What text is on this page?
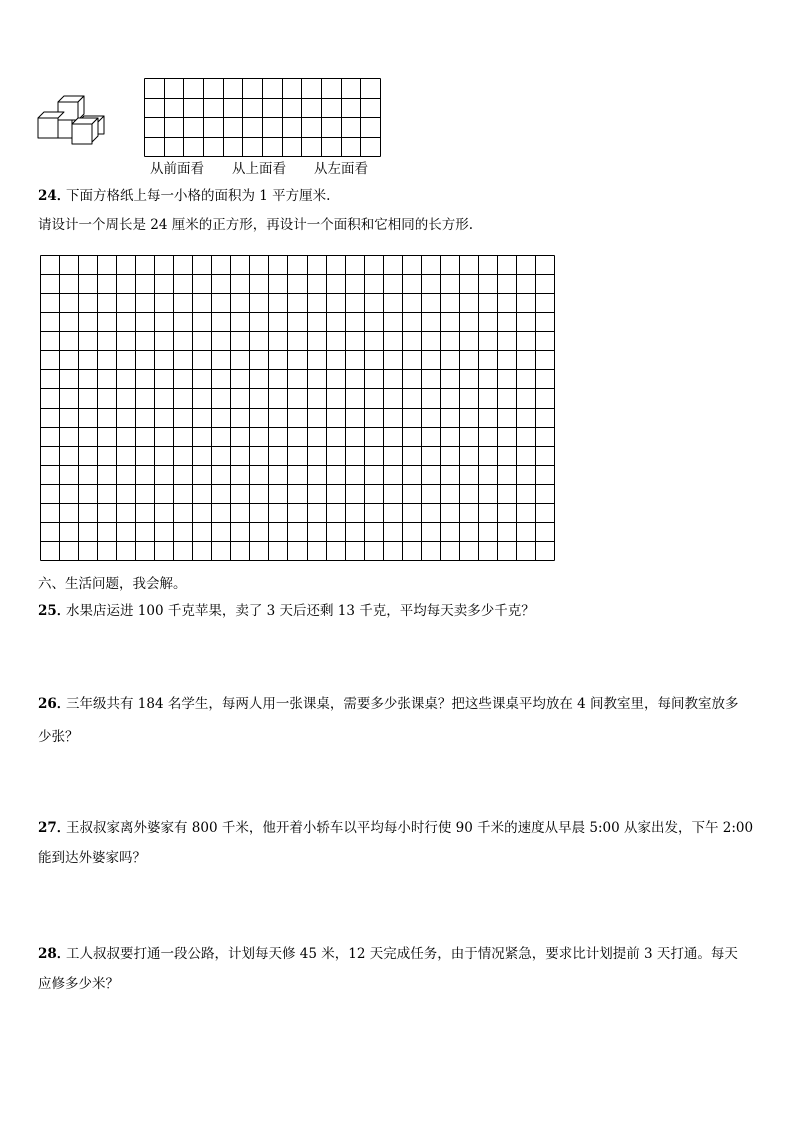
从前面看 从上面看 从左面看
24．
下面方格纸上每一小格的面积为 1 平方厘米.
请设计一个周长是 24 厘米的正方形，再设计一个面积和它相同的长方形.
六、生活问题，我会解。
25．
水果店运进 100 千克苹果，卖了 3 天后还剩 13 千克，平均每天卖多少千克？
26．
三年级共有 184 名学生，每两人用一张课桌，需要多少张课桌？把这些课桌平均放在 4 间教室里，每间教室放多
少张？
27．
王叔叔家离外婆家有 800 千米，他开着小轿车以平均每小时行使 90 千米的速度从早晨 5:00 从家出发，下午 2:00
能到达外婆家吗？
28．
工人叔叔要打通一段公路，计划每天修 45 米，12 天完成任务，由于情况紧急，要求比计划提前 3 天打通。每天
应修多少米？
